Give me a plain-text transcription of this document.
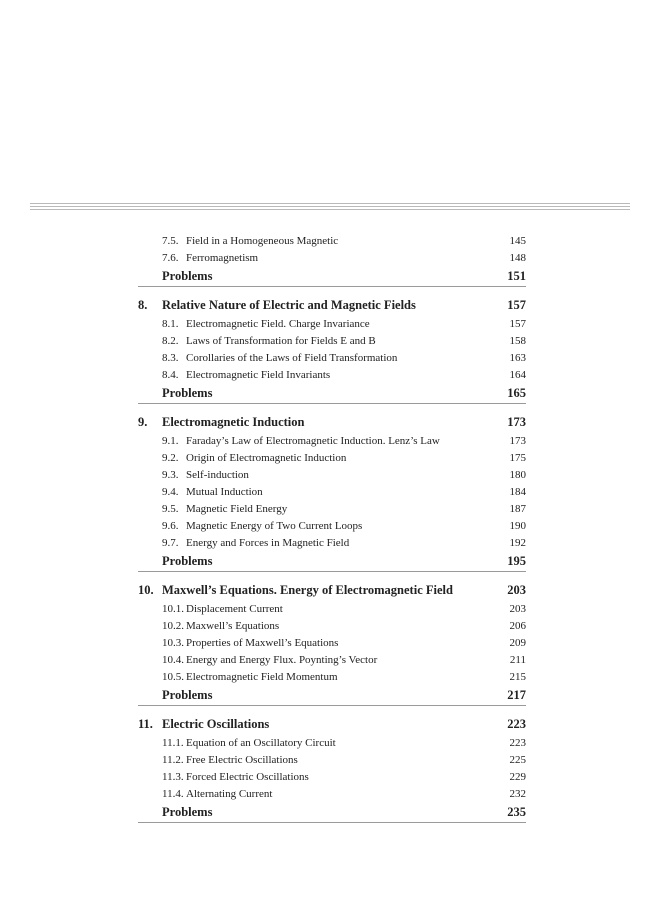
7.5. Field in a Homogeneous Magnetic	145
7.6. Ferromagnetism	148
Problems	151
8. Relative Nature of Electric and Magnetic Fields	157
8.1. Electromagnetic Field. Charge Invariance	157
8.2. Laws of Transformation for Fields E and B	158
8.3. Corollaries of the Laws of Field Transformation	163
8.4. Electromagnetic Field Invariants	164
Problems	165
9. Electromagnetic Induction	173
9.1. Faraday’s Law of Electromagnetic Induction. Lenz’s Law	173
9.2. Origin of Electromagnetic Induction	175
9.3. Self-induction	180
9.4. Mutual Induction	184
9.5. Magnetic Field Energy	187
9.6. Magnetic Energy of Two Current Loops	190
9.7. Energy and Forces in Magnetic Field	192
Problems	195
10. Maxwell’s Equations. Energy of Electromagnetic Field	203
10.1. Displacement Current	203
10.2. Maxwell’s Equations	206
10.3. Properties of Maxwell’s Equations	209
10.4. Energy and Energy Flux. Poynting’s Vector	211
10.5. Electromagnetic Field Momentum	215
Problems	217
11. Electric Oscillations	223
11.1. Equation of an Oscillatory Circuit	223
11.2. Free Electric Oscillations	225
11.3. Forced Electric Oscillations	229
11.4. Alternating Current	232
Problems	235
